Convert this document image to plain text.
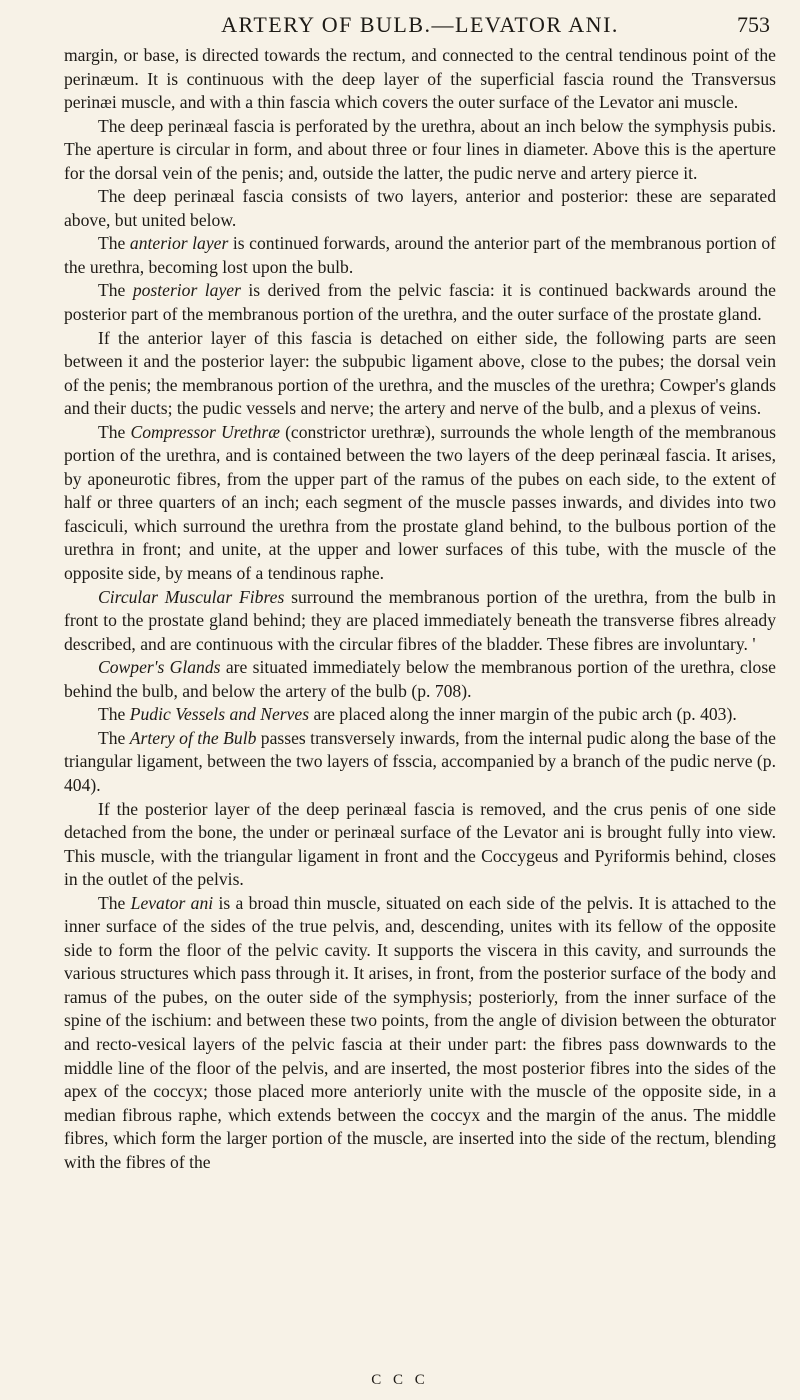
ARTERY OF BULB.—LEVATOR ANI.	753

margin, or base, is directed towards the rectum, and connected to the central tendinous point of the perinæum. It is continuous with the deep layer of the superficial fascia round the Transversus perinæi muscle, and with a thin fascia which covers the outer surface of the Levator ani muscle.

The deep perinæal fascia is perforated by the urethra, about an inch below the symphysis pubis. The aperture is circular in form, and about three or four lines in diameter. Above this is the aperture for the dorsal vein of the penis; and, outside the latter, the pudic nerve and artery pierce it.

The deep perinæal fascia consists of two layers, anterior and posterior: these are separated above, but united below.

The anterior layer is continued forwards, around the anterior part of the membranous portion of the urethra, becoming lost upon the bulb.

The posterior layer is derived from the pelvic fascia: it is continued backwards around the posterior part of the membranous portion of the urethra, and the outer surface of the prostate gland.

If the anterior layer of this fascia is detached on either side, the following parts are seen between it and the posterior layer: the subpubic ligament above, close to the pubes; the dorsal vein of the penis; the membranous portion of the urethra, and the muscles of the urethra; Cowper's glands and their ducts; the pudic vessels and nerve; the artery and nerve of the bulb, and a plexus of veins.

The Compressor Urethræ (constrictor urethræ), surrounds the whole length of the membranous portion of the urethra, and is contained between the two layers of the deep perinæal fascia. It arises, by aponeurotic fibres, from the upper part of the ramus of the pubes on each side, to the extent of half or three quarters of an inch; each segment of the muscle passes inwards, and divides into two fasciculi, which surround the urethra from the prostate gland behind, to the bulbous portion of the urethra in front; and unite, at the upper and lower surfaces of this tube, with the muscle of the opposite side, by means of a tendinous raphe.

Circular Muscular Fibres surround the membranous portion of the urethra, from the bulb in front to the prostate gland behind; they are placed immediately beneath the transverse fibres already described, and are continuous with the circular fibres of the bladder. These fibres are involuntary. '

Cowper's Glands are situated immediately below the membranous portion of the urethra, close behind the bulb, and below the artery of the bulb (p. 708).

The Pudic Vessels and Nerves are placed along the inner margin of the pubic arch (p. 403).

The Artery of the Bulb passes transversely inwards, from the internal pudic along the base of the triangular ligament, between the two layers of fsscia, accompanied by a branch of the pudic nerve (p. 404).

If the posterior layer of the deep perinæal fascia is removed, and the crus penis of one side detached from the bone, the under or perinæal surface of the Levator ani is brought fully into view. This muscle, with the triangular ligament in front and the Coccygeus and Pyriformis behind, closes in the outlet of the pelvis.

The Levator ani is a broad thin muscle, situated on each side of the pelvis. It is attached to the inner surface of the sides of the true pelvis, and, descending, unites with its fellow of the opposite side to form the floor of the pelvic cavity. It supports the viscera in this cavity, and surrounds the various structures which pass through it. It arises, in front, from the posterior surface of the body and ramus of the pubes, on the outer side of the symphysis; posteriorly, from the inner surface of the spine of the ischium: and between these two points, from the angle of division between the obturator and recto-vesical layers of the pelvic fascia at their under part: the fibres pass downwards to the middle line of the floor of the pelvis, and are inserted, the most posterior fibres into the sides of the apex of the coccyx; those placed more anteriorly unite with the muscle of the opposite side, in a median fibrous raphe, which extends between the coccyx and the margin of the anus. The middle fibres, which form the larger portion of the muscle, are inserted into the side of the rectum, blending with the fibres of the

C C C
